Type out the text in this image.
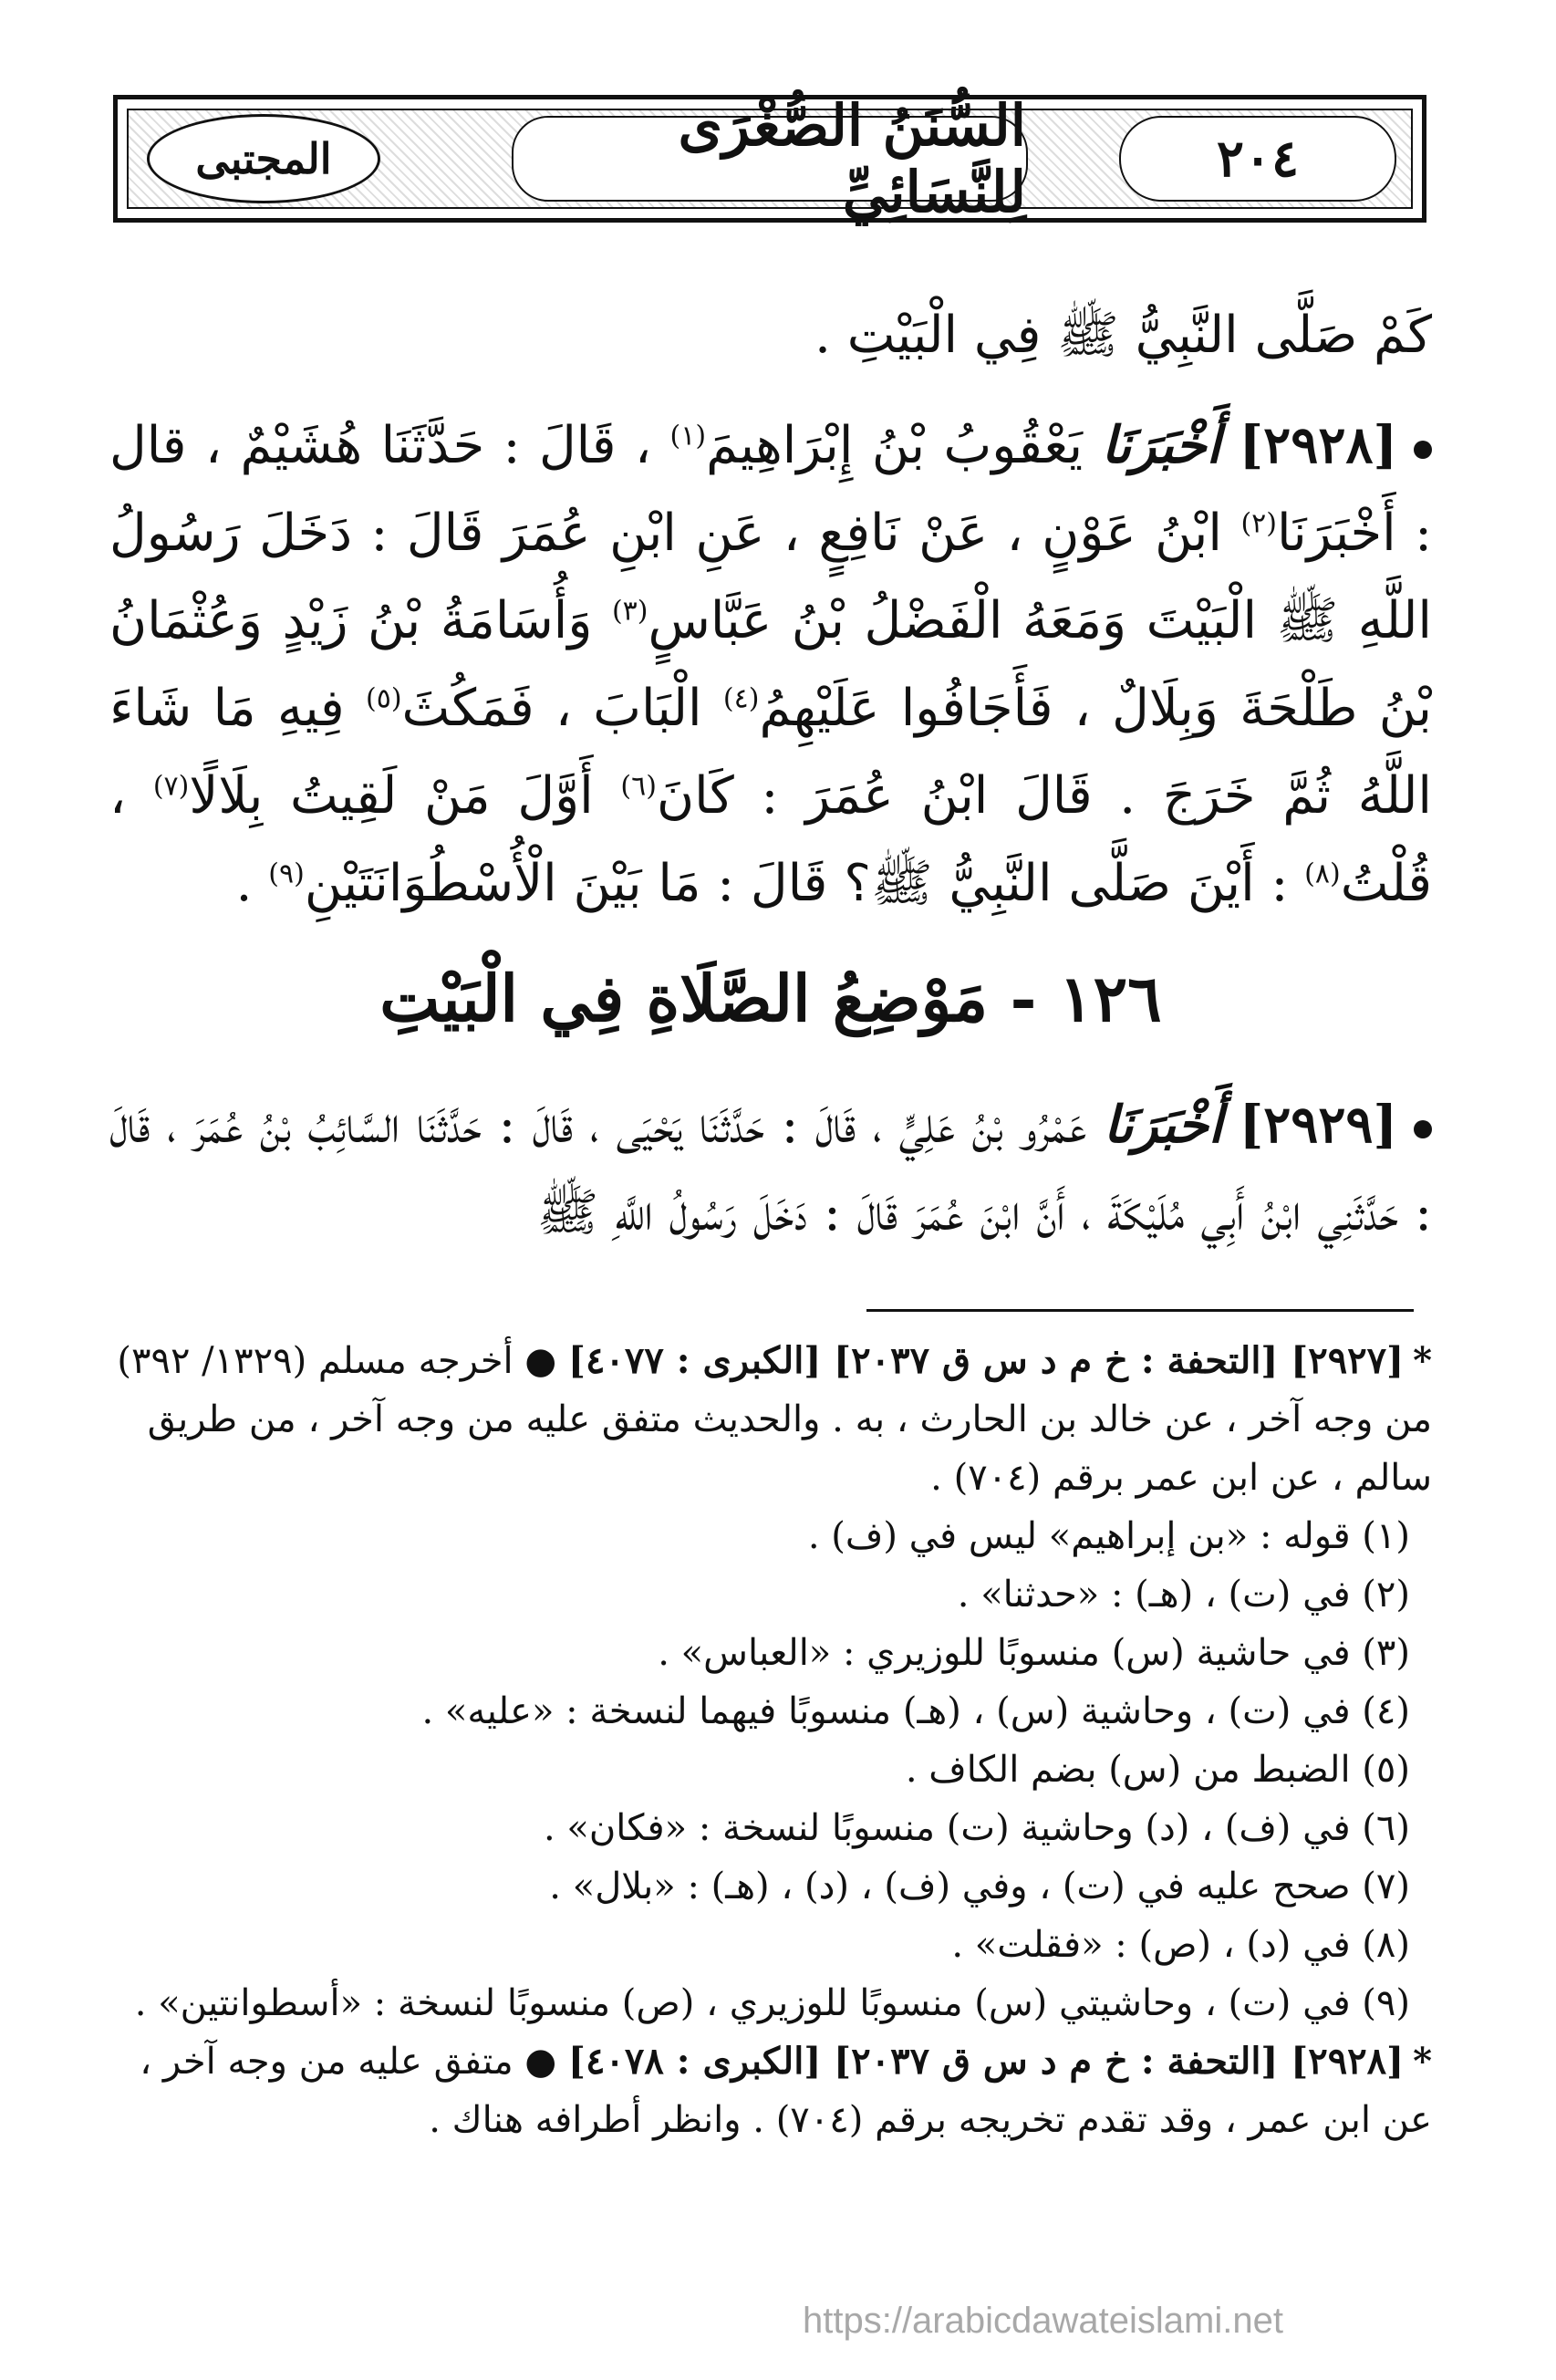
٢٠٤
السُّنَنُ الصُّغْرَى لِلنَّسَائِيِّ
المجتبى
كَمْ صَلَّى النَّبِيُّ ﷺ فِي الْبَيْتِ .
[٢٩٢٨] أَخْبَرَنَا يَعْقُوبُ بْنُ إِبْرَاهِيمَ$^{(١)}$ ، قَالَ : حَدَّثَنَا هُشَيْمٌ ، قال : أَخْبَرَنَا$^{(٢)}$ ابْنُ عَوْنٍ ، عَنْ نَافِعٍ ، عَنِ ابْنِ عُمَرَ قَالَ : دَخَلَ رَسُولُ اللَّهِ ﷺ الْبَيْتَ وَمَعَهُ الْفَضْلُ بْنُ عَبَّاسٍ$^{(٣)}$ وَأُسَامَةُ بْنُ زَيْدٍ وَعُثْمَانُ بْنُ طَلْحَةَ وَبِلَالٌ ، فَأَجَافُوا عَلَيْهِمُ$^{(٤)}$ الْبَابَ ، فَمَكُثَ$^{(٥)}$ فِيهِ مَا شَاءَ اللَّهُ ثُمَّ خَرَجَ . قَالَ ابْنُ عُمَرَ : كَانَ$^{(٦)}$ أَوَّلَ مَنْ لَقِيتُ بِلَالًا$^{(٧)}$ ، قُلْتُ$^{(٨)}$ : أَيْنَ صَلَّى النَّبِيُّ ﷺ؟ قَالَ : مَا بَيْنَ الْأُسْطُوَانَتَيْنِ$^{(٩)}$ .
١٢٦ - مَوْضِعُ الصَّلَاةِ فِي الْبَيْتِ
[٢٩٢٩] أَخْبَرَنَا عَمْرُو بْنُ عَلِيٍّ ، قَالَ : حَدَّثَنَا يَحْيَى ، قَالَ : حَدَّثَنَا السَّائِبُ بْنُ عُمَرَ ، قَالَ : حَدَّثَنِي ابْنُ أَبِي مُلَيْكَةَ ، أَنَّ ابْنَ عُمَرَ قَالَ : دَخَلَ رَسُولُ اللَّهِ ﷺ

*[٢٩٢٧] [التحفة : خ م د س ق ٢٠٣٧] [الكبرى : ٤٠٧٧] ● أخرجه مسلم (١٣٢٩/ ٣٩٢) من وجه آخر ، عن خالد بن الحارث ، به . والحديث متفق عليه من وجه آخر ، من طريق سالم ، عن ابن عمر برقم (٧٠٤) .

(١) قوله : «بن إبراهيم» ليس في (ف) .

(٢) في (ت) ، (هـ) : «حدثنا» .

(٣) في حاشية (س) منسوبًا للوزيري : «العباس» .

(٤) في (ت) ، وحاشية (س) ، (هـ) منسوبًا فيهما لنسخة : «عليه» .

(٥) الضبط من (س) بضم الكاف .

(٦) في (ف) ، (د) وحاشية (ت) منسوبًا لنسخة : «فكان» .

(٧) صحح عليه في (ت) ، وفي (ف) ، (د) ، (هـ) : «بلال» .

(٨) في (د) ، (ص) : «فقلت» .

(٩) في (ت) ، وحاشيتي (س) منسوبًا للوزيري ، (ص) منسوبًا لنسخة : «أسطوانتين» .

*[٢٩٢٨] [التحفة : خ م د س ق ٢٠٣٧] [الكبرى : ٤٠٧٨] ● متفق عليه من وجه آخر ، عن ابن عمر ، وقد تقدم تخريجه برقم (٧٠٤) . وانظر أطرافه هناك .

https://arabicdawateislami.net
